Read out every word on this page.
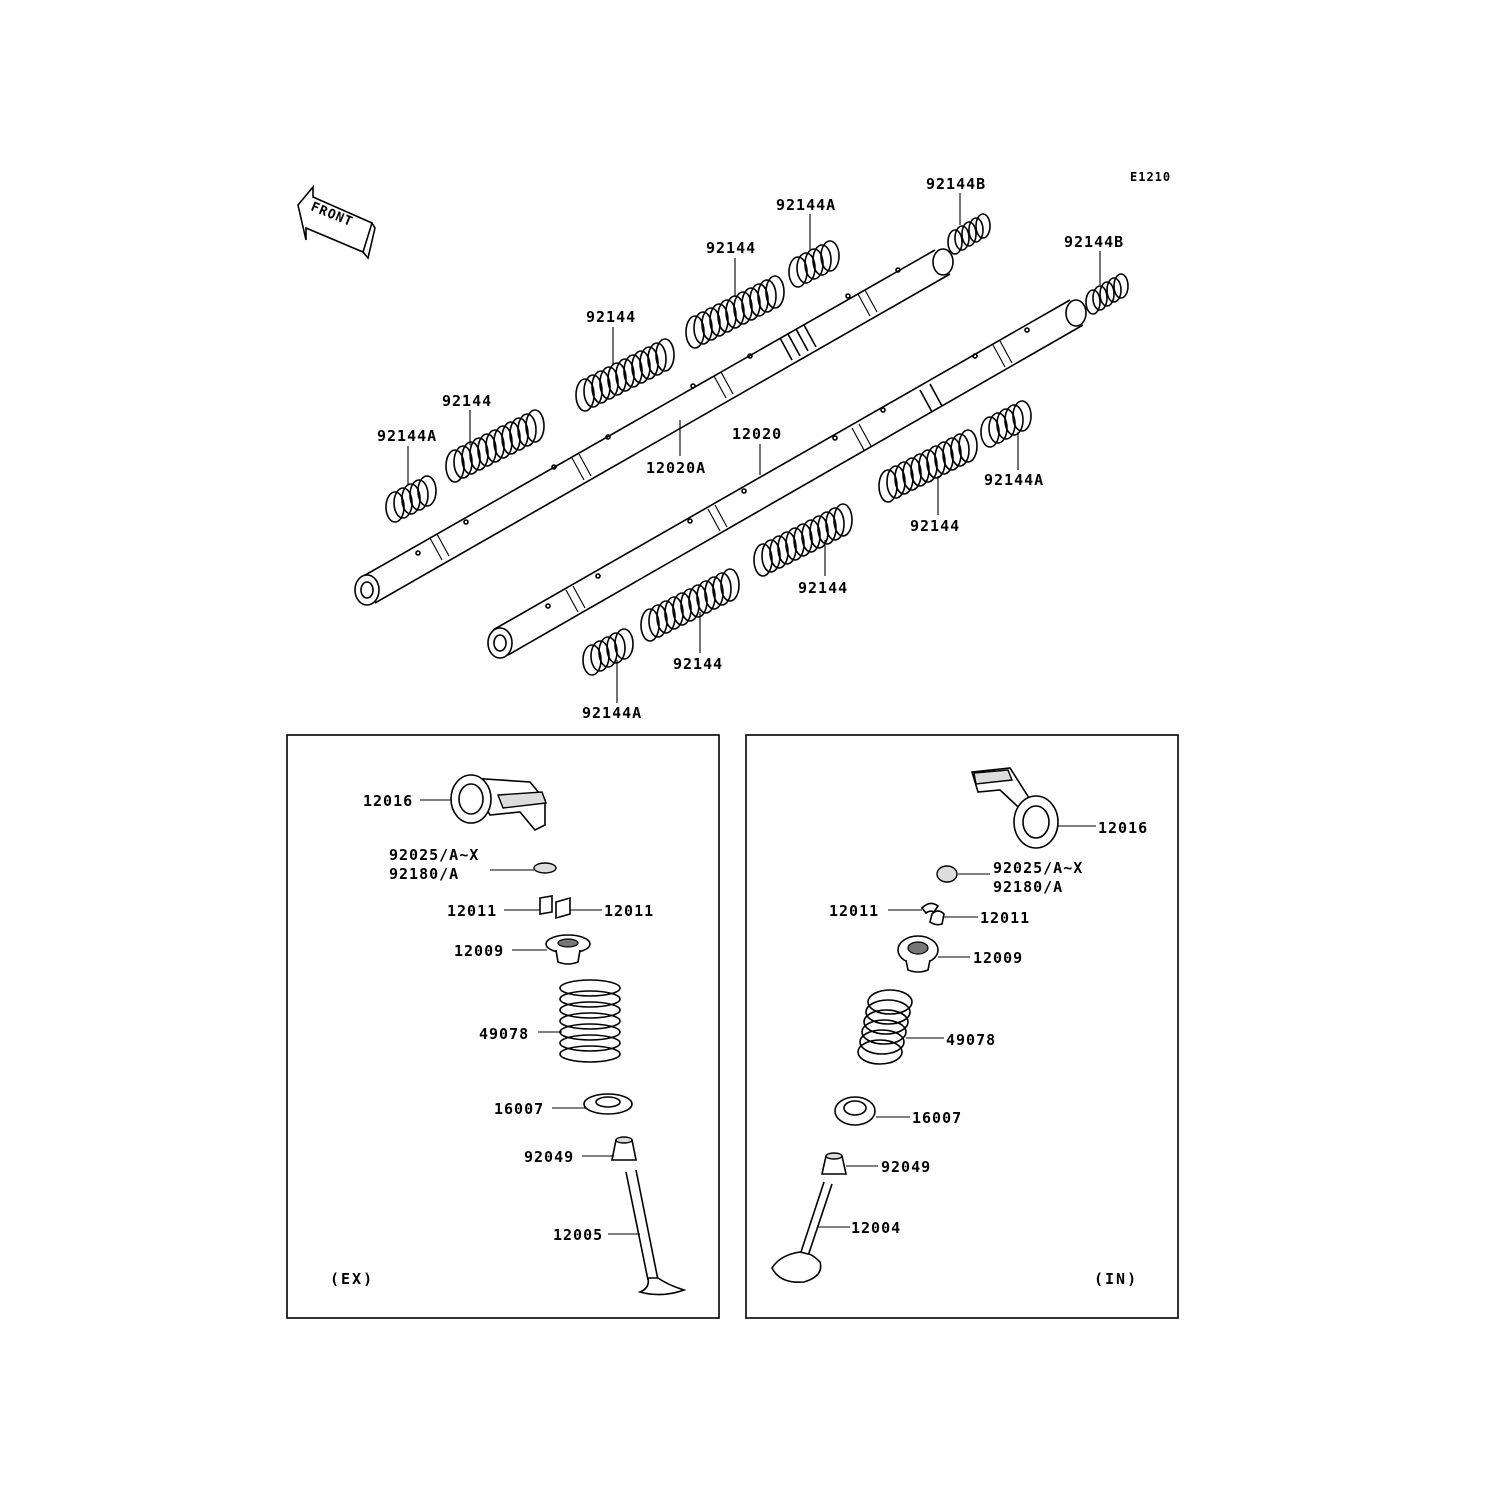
FRONT
E1210
92144A
92144B
92144B
92144
92144
92144
92144A
12020A
12020
92144A
92144
92144
92144
92144A
12016
92025/A~X
92180/A
12011	12011
12009
49078
16007
92049
12005
(EX)
12016
92025/A~X
92180/A
12011	12011
12009
49078
16007
92049
12004
(IN)
